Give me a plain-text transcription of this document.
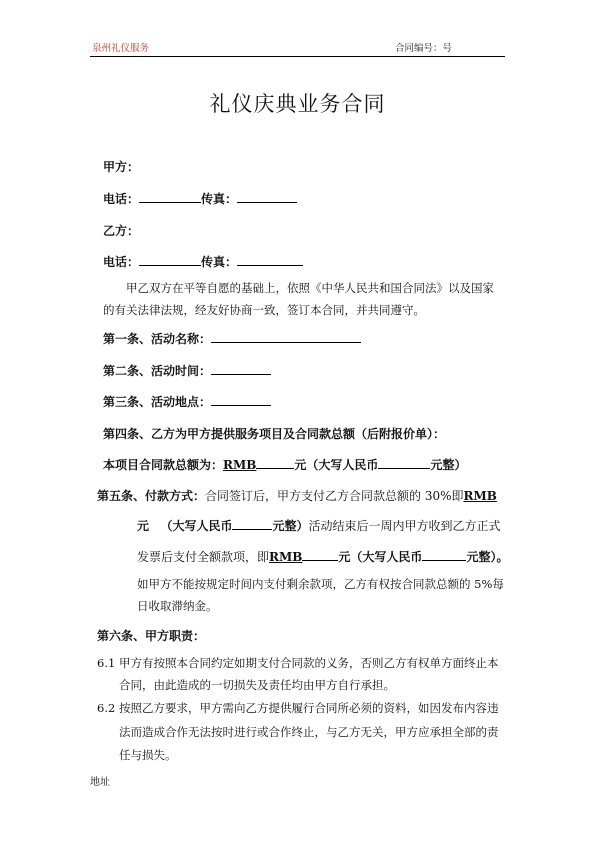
泉州礼仪服务	合同编号：号
礼仪庆典业务合同
甲方：
电话：	传真：
乙方：
电话：	传真：
甲乙双方在平等自愿的基础上，依照《中华人民共和国合同法》以及国家的有关法律法规，经友好协商一致，签订本合同，并共同遵守。
第一条、活动名称：
第二条、活动时间：
第三条、活动地点：
第四条、乙方为甲方提供服务项目及合同款总额（后附报价单）：
本项目合同款总额为：RMB	元（大写人民币	元整）
第五条、付款方式：合同签订后，甲方支付乙方合同款总额的 30%即RMB
元 （大写人民币	元整）活动结束后一周内甲方收到乙方正式
发票后支付全额款项，即RMB	元（大写人民币	元整）。
如甲方不能按规定时间内支付剩余款项，乙方有权按合同款总额的 5%每日收取滞纳金。
第六条、甲方职责：
6.1 甲方有按照本合同约定如期支付合同款的义务，否则乙方有权单方面终止本合同，由此造成的一切损失及责任均由甲方自行承担。
6.2 按照乙方要求，甲方需向乙方提供履行合同所必须的资料，如因发布内容违法而造成合作无法按时进行或合作终止，与乙方无关，甲方应承担全部的责任与损失。
地址
